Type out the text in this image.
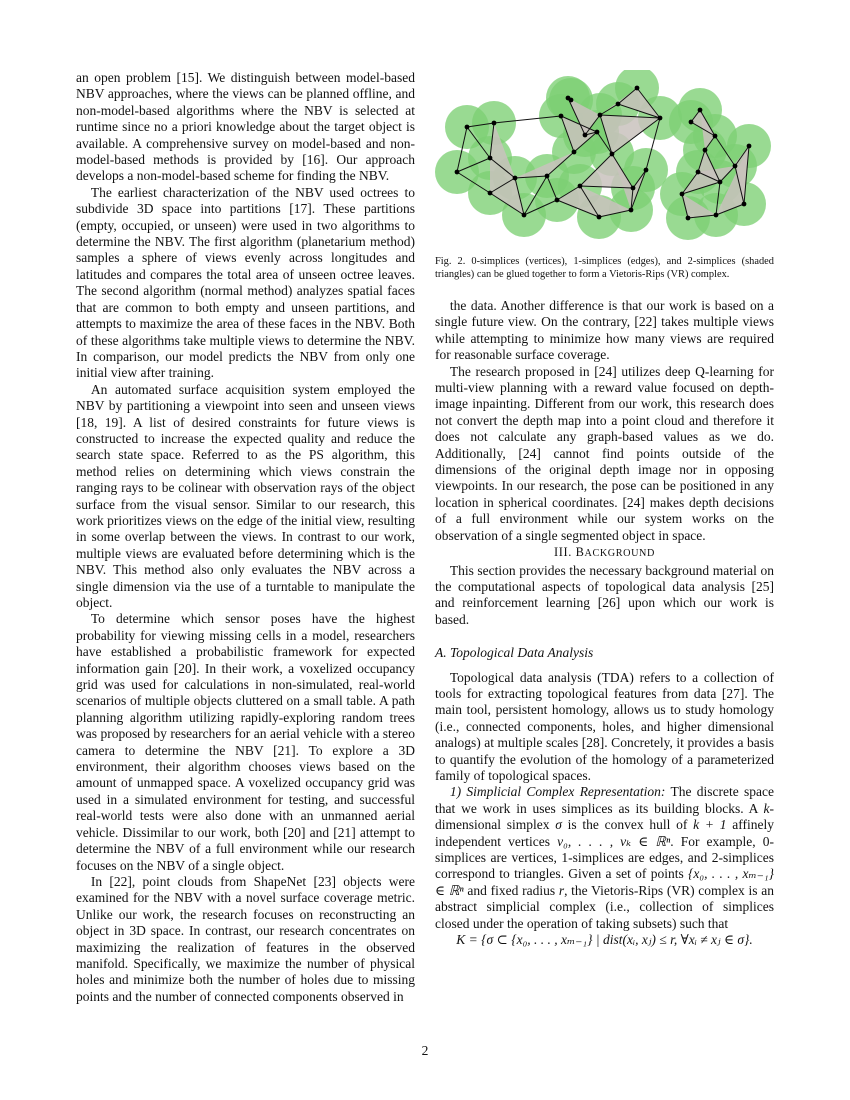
an open problem [15]. We distinguish between model-based NBV approaches, where the views can be planned offline, and non-model-based algorithms where the NBV is selected at runtime since no a priori knowledge about the target object is available. A comprehensive survey on model-based and non-model-based methods is provided by [16]. Our approach develops a non-model-based scheme for finding the NBV.

The earliest characterization of the NBV used octrees to subdivide 3D space into partitions [17]. These partitions (empty, occupied, or unseen) were used in two algorithms to determine the NBV. The first algorithm (planetarium method) samples a sphere of views evenly across longitudes and latitudes and compares the total area of unseen octree leaves. The second algorithm (normal method) analyzes spatial faces that are common to both empty and unseen partitions, and attempts to maximize the area of these faces in the NBV. Both of these algorithms take multiple views to determine the NBV. In comparison, our model predicts the NBV from only one initial view after training.

An automated surface acquisition system employed the NBV by partitioning a viewpoint into seen and unseen views [18, 19]. A list of desired constraints for future views is constructed to increase the expected quality and reduce the search state space. Referred to as the PS algorithm, this method relies on determining which views constrain the ranging rays to be colinear with observation rays of the object surface from the visual sensor. Similar to our research, this work prioritizes views on the edge of the initial view, resulting in some overlap between the views. In contrast to our work, multiple views are evaluated before determining which is the NBV. This method also only evaluates the NBV across a single dimension via the use of a turntable to manipulate the object.

To determine which sensor poses have the highest probability for viewing missing cells in a model, researchers have established a probabilistic framework for expected information gain [20]. In their work, a voxelized occupancy grid was used for calculations in non-simulated, real-world scenarios of multiple objects cluttered on a small table. A path planning algorithm utilizing rapidly-exploring random trees was proposed by researchers for an aerial vehicle with a stereo camera to determine the NBV [21]. To explore a 3D environment, their algorithm chooses views based on the amount of unmapped space. A voxelized occupancy grid was used in a simulated environment for testing, and successful real-world tests were also done with an unmanned aerial vehicle. Dissimilar to our work, both [20] and [21] attempt to determine the NBV of a full environment while our research focuses on the NBV of a single object.

In [22], point clouds from ShapeNet [23] objects were examined for the NBV with a novel surface coverage metric. Unlike our work, the research focuses on reconstructing an object in 3D space. In contrast, our research concentrates on maximizing the realization of features in the observed manifold. Specifically, we maximize the number of physical holes and minimize both the number of holes due to missing points and the number of connected components observed in

Fig. 2. 0-simplices (vertices), 1-simplices (edges), and 2-simplices (shaded triangles) can be glued together to form a Vietoris-Rips (VR) complex.

the data. Another difference is that our work is based on a single future view. On the contrary, [22] takes multiple views while attempting to minimize how many views are required for reasonable surface coverage.

The research proposed in [24] utilizes deep Q-learning for multi-view planning with a reward value focused on depth-image inpainting. Different from our work, this research does not convert the depth map into a point cloud and therefore it does not calculate any graph-based values as we do. Additionally, [24] cannot find points outside of the dimensions of the original depth image nor in opposing viewpoints. In our research, the pose can be positioned in any location in spherical coordinates. [24] makes depth decisions of a full environment while our system works on the observation of a single segmented object in space.

III. BACKGROUND

This section provides the necessary background material on the computational aspects of topological data analysis [25] and reinforcement learning [26] upon which our work is based.

A. Topological Data Analysis

Topological data analysis (TDA) refers to a collection of tools for extracting topological features from data [27]. The main tool, persistent homology, allows us to study homology (i.e., connected components, holes, and higher dimensional analogs) at multiple scales [28]. Concretely, it provides a basis to quantify the evolution of the homology of a parameterized family of topological spaces.

1) Simplicial Complex Representation: The discrete space that we work in uses simplices as its building blocks. A k-dimensional simplex σ is the convex hull of k + 1 affinely independent vertices v₀, . . . , vₖ ∈ ℝⁿ. For example, 0-simplices are vertices, 1-simplices are edges, and 2-simplices correspond to triangles. Given a set of points {x₀, . . . , xₘ₋₁} ∈ ℝⁿ and fixed radius r, the Vietoris-Rips (VR) complex is an abstract simplicial complex (i.e., collection of simplices closed under the operation of taking subsets) such that

K = {σ ⊂ {x₀, . . . , xₘ₋₁} | dist(xᵢ, xⱼ) ≤ r, ∀xᵢ ≠ xⱼ ∈ σ}.

2
